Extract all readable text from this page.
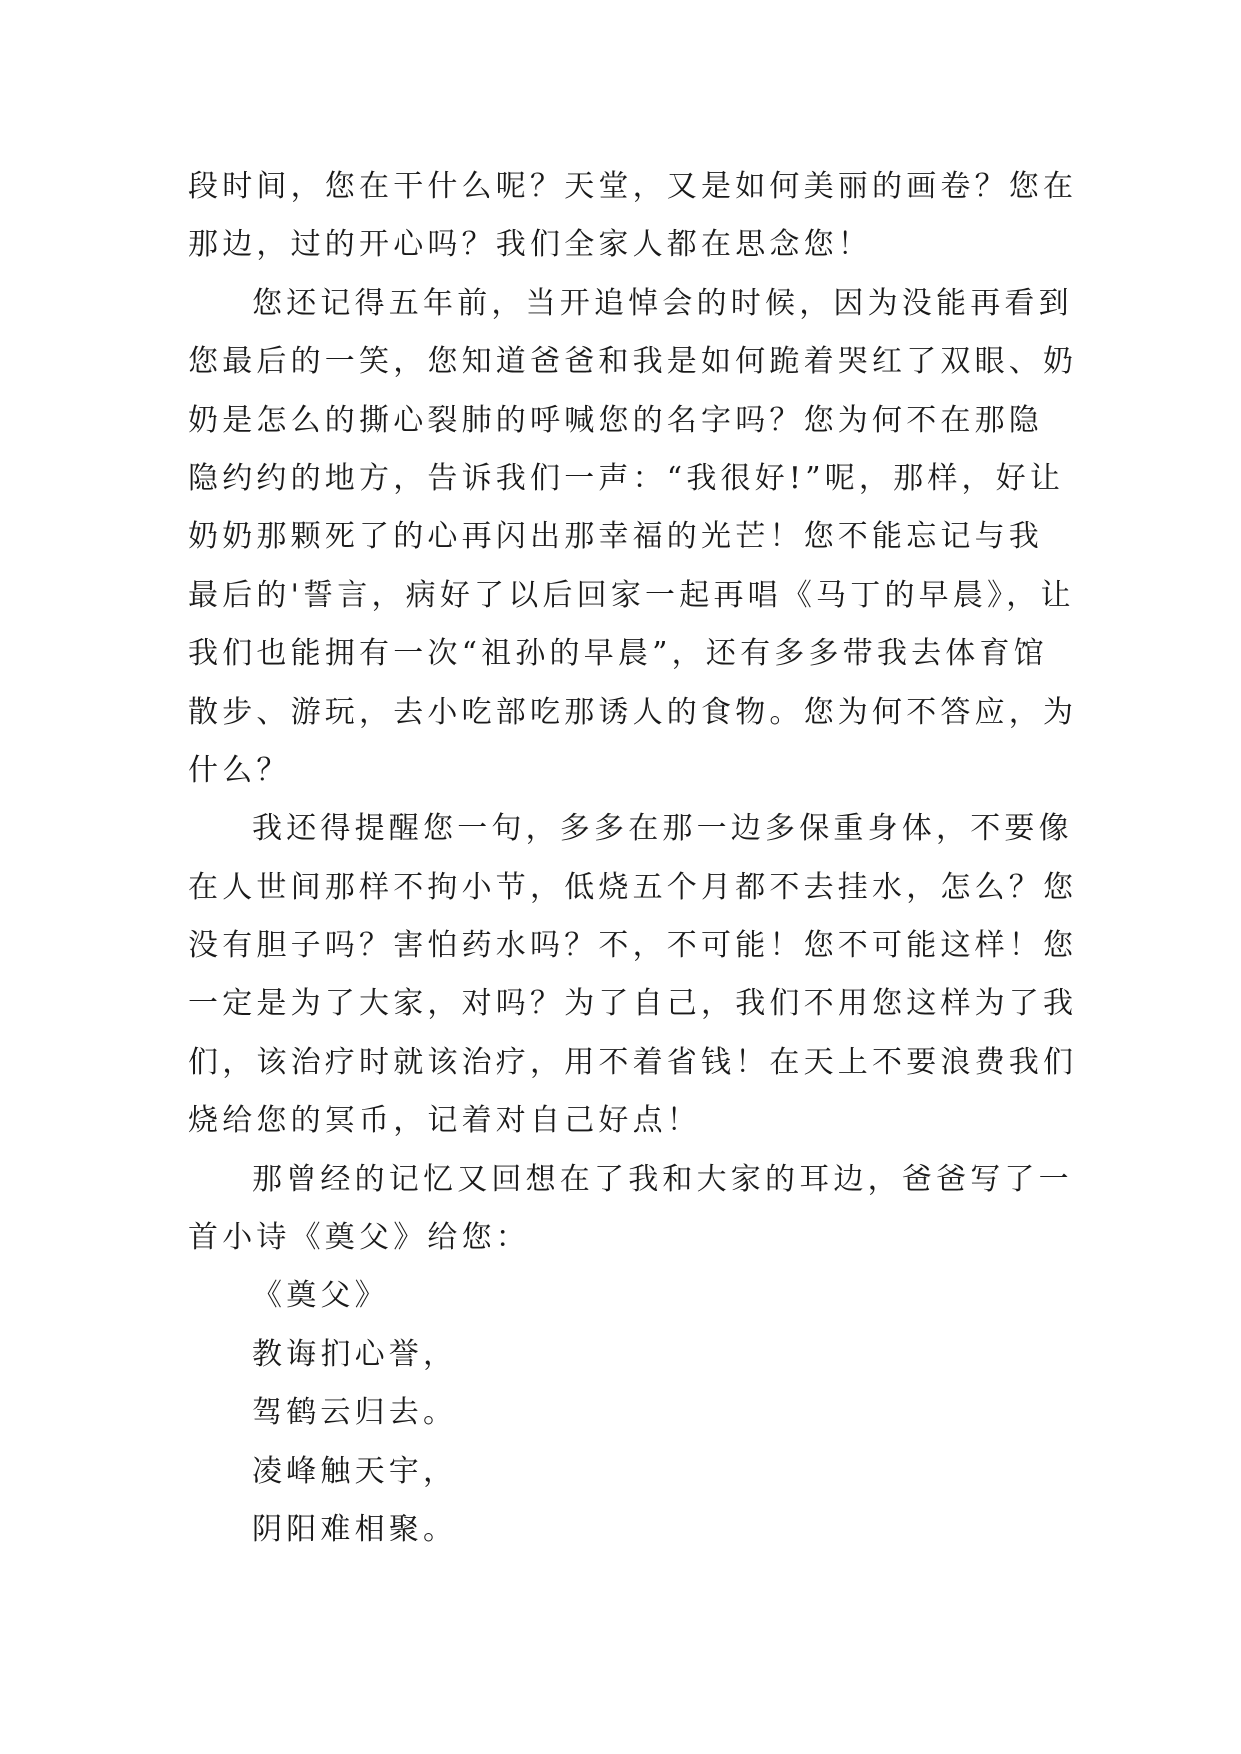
段时间，您在干什么呢？天堂，又是如何美丽的画卷？您在
那边，过的开心吗？我们全家人都在思念您！
您还记得五年前，当开追悼会的时候，因为没能再看到
您最后的一笑，您知道爸爸和我是如何跪着哭红了双眼、奶
奶是怎么的撕心裂肺的呼喊您的名字吗？您为何不在那隐
隐约约的地方，告诉我们一声：“我很好!”呢，那样，好让
奶奶那颗死了的心再闪出那幸福的光芒！您不能忘记与我
最后的'誓言，病好了以后回家一起再唱《马丁的早晨》，让
我们也能拥有一次“祖孙的早晨”，还有多多带我去体育馆
散步、游玩，去小吃部吃那诱人的食物。您为何不答应，为
什么？
我还得提醒您一句，多多在那一边多保重身体，不要像
在人世间那样不拘小节，低烧五个月都不去挂水，怎么？您
没有胆子吗？害怕药水吗？不，不可能！您不可能这样！您
一定是为了大家，对吗？为了自己，我们不用您这样为了我
们，该治疗时就该治疗，用不着省钱！在天上不要浪费我们
烧给您的冥币，记着对自己好点！
那曾经的记忆又回想在了我和大家的耳边，爸爸写了一
首小诗《奠父》给您：
《奠父》
教诲扪心誉，
驾鹤云归去。
凌峰触天宇，
阴阳难相聚。
